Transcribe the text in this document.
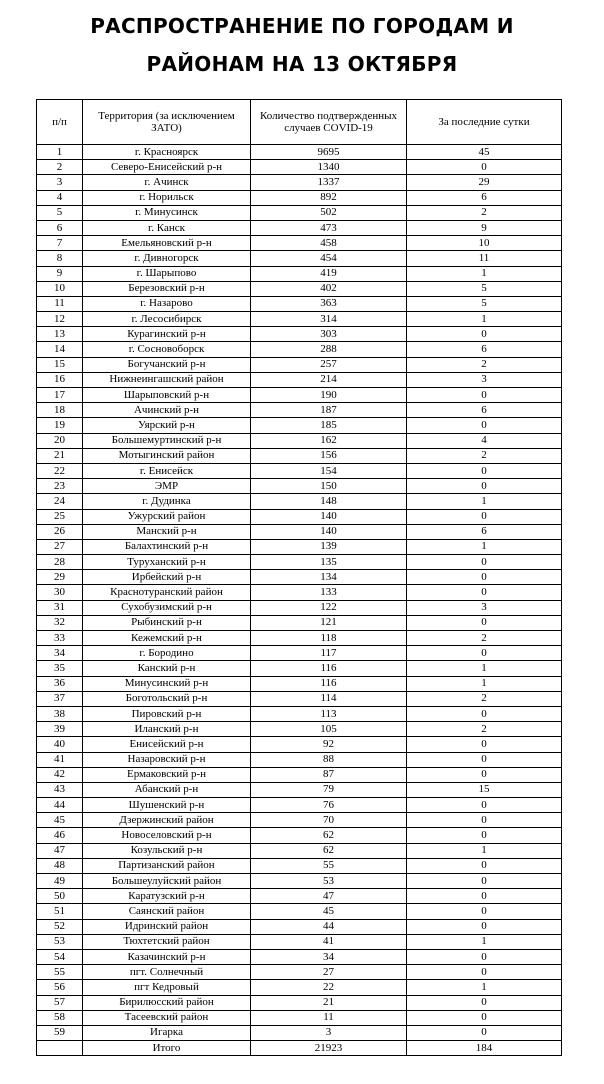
РАСПРОСТРАНЕНИЕ ПО ГОРОДАМ И
РАЙОНАМ НА 13 ОКТЯБРЯ
п/п	Территория (за исключением ЗАТО)	Количество подтвержденных случаев COVID-19	За последние сутки
1	г. Красноярск	9695	45
2	Северо-Енисейский р-н	1340	0
3	г. Ачинск	1337	29
4	г. Норильск	892	6
5	г. Минусинск	502	2
6	г. Канск	473	9
7	Емельяновский р-н	458	10
8	г. Дивногорск	454	11
9	г. Шарыпово	419	1
10	Березовский р-н	402	5
11	г. Назарово	363	5
12	г. Лесосибирск	314	1
13	Курагинский р-н	303	0
14	г. Сосновоборск	288	6
15	Богучанский р-н	257	2
16	Нижнеингашский район	214	3
17	Шарыповский р-н	190	0
18	Ачинский р-н	187	6
19	Уярский р-н	185	0
20	Большемуртинский р-н	162	4
21	Мотыгинский район	156	2
22	г. Енисейск	154	0
23	ЭМР	150	0
24	г. Дудинка	148	1
25	Ужурский район	140	0
26	Манский р-н	140	6
27	Балахтинский р-н	139	1
28	Туруханский р-н	135	0
29	Ирбейский р-н	134	0
30	Краснотуранский район	133	0
31	Сухобузимский р-н	122	3
32	Рыбинский р-н	121	0
33	Кежемский р-н	118	2
34	г. Бородино	117	0
35	Канский р-н	116	1
36	Минусинский р-н	116	1
37	Боготольский р-н	114	2
38	Пировский р-н	113	0
39	Иланский р-н	105	2
40	Енисейский р-н	92	0
41	Назаровский р-н	88	0
42	Ермаковский р-н	87	0
43	Абанский р-н	79	15
44	Шушенский р-н	76	0
45	Дзержинский район	70	0
46	Новоселовский р-н	62	0
47	Козульский р-н	62	1
48	Партизанский район	55	0
49	Большеулуйский район	53	0
50	Каратузский р-н	47	0
51	Саянский район	45	0
52	Идринский район	44	0
53	Тюхтетский район	41	1
54	Казачинский р-н	34	0
55	пгт. Солнечный	27	0
56	пгт Кедровый	22	1
57	Бирилюсский район	21	0
58	Тасеевский район	11	0
59	Игарка	3	0
	Итого	21923	184
